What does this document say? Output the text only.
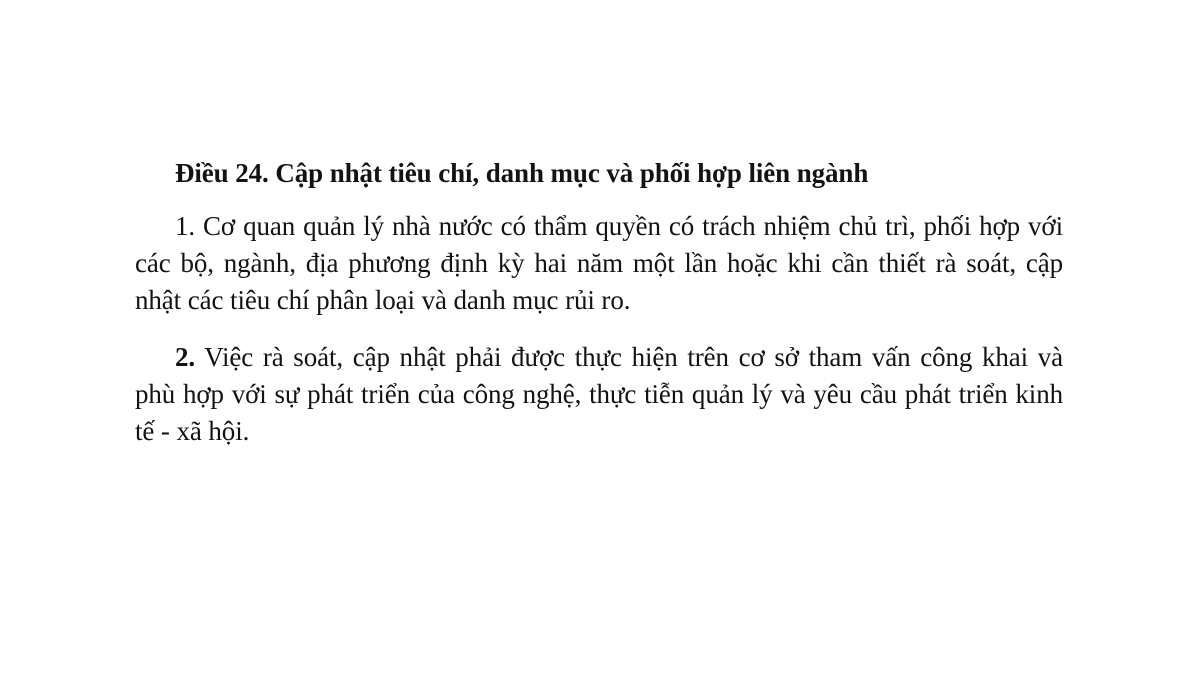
Điều 24. Cập nhật tiêu chí, danh mục và phối hợp liên ngành

1. Cơ quan quản lý nhà nước có thẩm quyền có trách nhiệm chủ trì, phối hợp với
các bộ, ngành, địa phương định kỳ hai năm một lần hoặc khi cần thiết rà soát, cập
nhật các tiêu chí phân loại và danh mục rủi ro.
2. Việc rà soát, cập nhật phải được thực hiện trên cơ sở tham vấn công khai và
phù hợp với sự phát triển của công nghệ, thực tiễn quản lý và yêu cầu phát triển kinh
tế - xã hội.
